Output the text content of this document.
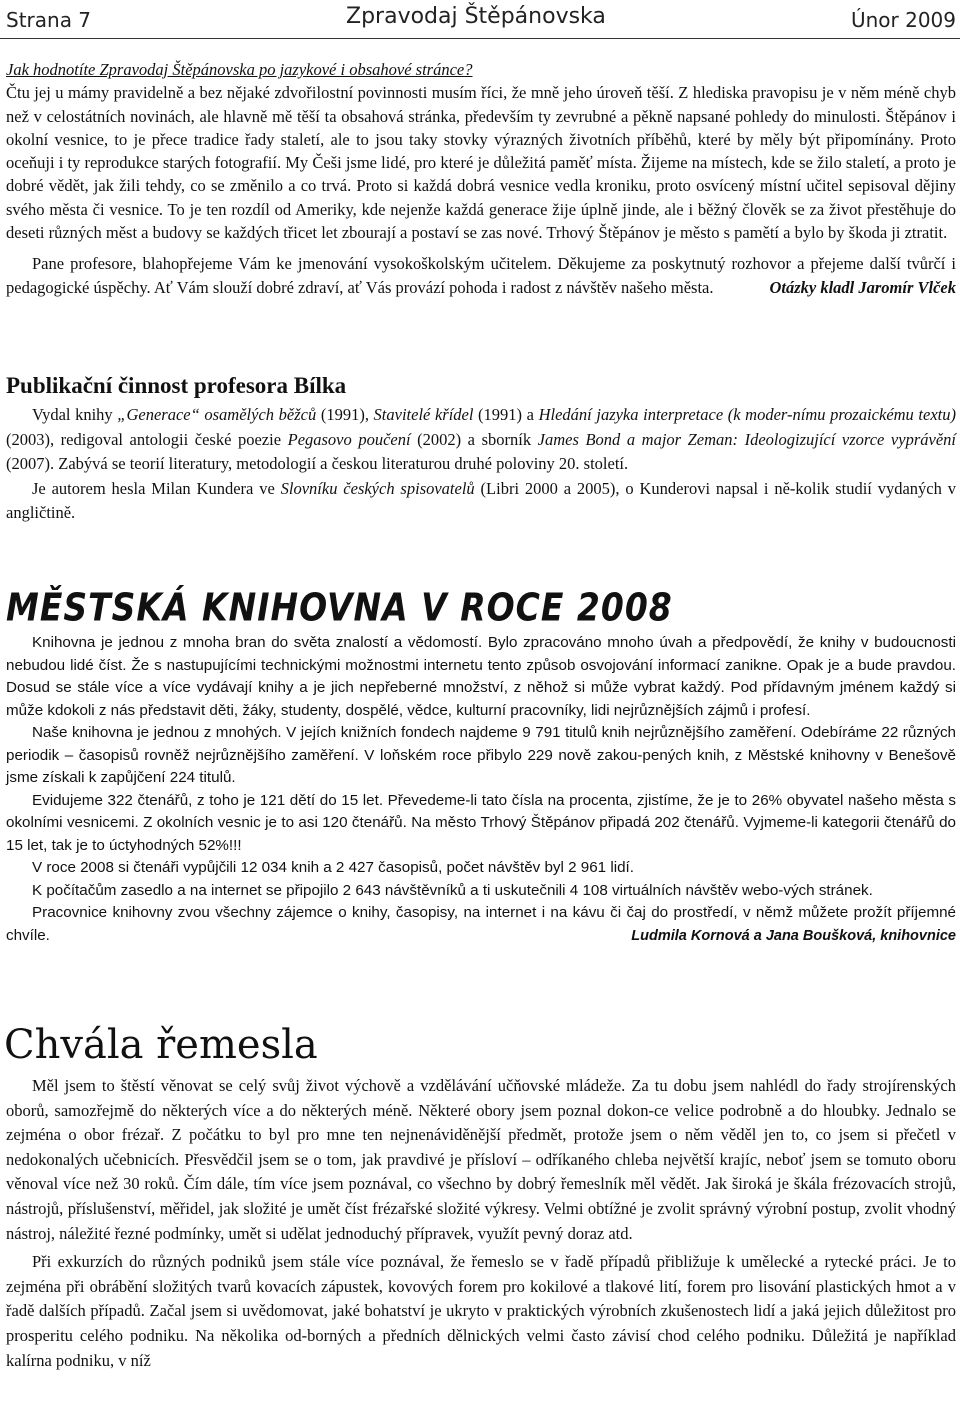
Strana 7	Zpravodaj Štěpánovska	Únor 2009

Jak hodnotíte Zpravodaj Štěpánovska po jazykové i obsahové stránce?

Čtu jej u mámy pravidelně a bez nějaké zdvořilostní povinnosti musím říci, že mně jeho úroveň těší. Z hlediska pravopisu je v něm méně chyb než v celostátních novinách, ale hlavně mě těší ta obsahová stránka, především ty zevrubné a pěkně napsané pohledy do minulosti. Štěpánov i okolní vesnice, to je přece tradice řady staletí, ale to jsou taky stovky výrazných životních příběhů, které by měly být připomínány. Proto oceňuji i ty reprodukce starých fotografií. My Češi jsme lidé, pro které je důležitá paměť místa. Žijeme na místech, kde se žilo staletí, a proto je dobré vědět, jak žili tehdy, co se změnilo a co trvá. Proto si každá dobrá vesnice vedla kroniku, proto osvícený místní učitel sepisoval dějiny svého města či vesnice. To je ten rozdíl od Ameriky, kde nejenže každá generace žije úplně jinde, ale i běžný člověk se za život přestěhuje do deseti různých měst a budovy se každých třicet let zbourají a postaví se zas nové. Trhový Štěpánov je město s pamětí a bylo by škoda ji ztratit.

Pane profesore, blahopřejeme Vám ke jmenování vysokoškolským učitelem. Děkujeme za poskytnutý rozhovor a přejeme další tvůrčí i pedagogické úspěchy. Ať Vám slouží dobré zdraví, ať Vás provází pohoda i radost z návštěv našeho města.	Otázky kladl Jaromír Vlček

Publikační činnost profesora Bílka

Vydal knihy „Generace“ osamělých běžců (1991), Stavitelé křídel (1991) a Hledání jazyka interpretace (k moder-nímu prozaickému textu) (2003), redigoval antologii české poezie Pegasovo poučení (2002) a sborník James Bond a major Zeman: Ideologizující vzorce vyprávění (2007). Zabývá se teorií literatury, metodologií a českou literaturou druhé poloviny 20. století.

Je autorem hesla Milan Kundera ve Slovníku českých spisovatelů (Libri 2000 a 2005), o Kunderovi napsal i ně-kolik studií vydaných v angličtině.

MĚSTSKÁ KNIHOVNA V ROCE 2008

Knihovna je jednou z mnoha bran do světa znalostí a vědomostí. Bylo zpracováno mnoho úvah a předpovědí, že knihy v budoucnosti nebudou lidé číst. Že s nastupujícími technickými možnostmi internetu tento způsob osvojování informací zanikne. Opak je a bude pravdou. Dosud se stále více a více vydávají knihy a je jich nepřeberné množství, z něhož si může vybrat každý. Pod přídavným jménem každý si může kdokoli z nás představit děti, žáky, studenty, dospělé, vědce, kulturní pracovníky, lidi nejrůznějších zájmů i profesí.

Naše knihovna je jednou z mnohých. V jejích knižních fondech najdeme 9 791 titulů knih nejrůznějšího zaměření. Odebíráme 22 různých periodik – časopisů rovněž nejrůznějšího zaměření. V loňském roce přibylo 229 nově zakou-pených knih, z Městské knihovny v Benešově jsme získali k zapůjčení 224 titulů.

Evidujeme 322 čtenářů, z toho je 121 dětí do 15 let. Převedeme-li tato čísla na procenta, zjistíme, že je to 26% obyvatel našeho města s okolními vesnicemi. Z okolních vesnic je to asi 120 čtenářů. Na město Trhový Štěpánov připadá 202 čtenářů. Vyjmeme-li kategorii čtenářů do 15 let, tak je to úctyhodných 52%!!!

V roce 2008 si čtenáři vypůjčili 12 034 knih a 2 427 časopisů, počet návštěv byl 2 961 lidí.

K počítačům zasedlo a na internet se připojilo 2 643 návštěvníků a ti uskutečnili 4 108 virtuálních návštěv webo-vých stránek.

Pracovnice knihovny zvou všechny zájemce o knihy, časopisy, na internet i na kávu či čaj do prostředí, v němž můžete prožít příjemné chvíle.	Ludmila Kornová a Jana Boušková, knihovnice

Chvála řemesla

Měl jsem to štěstí věnovat se celý svůj život výchově a vzdělávání učňovské mládeže. Za tu dobu jsem nahlédl do řady strojírenských oborů, samozřejmě do některých více a do některých méně. Některé obory jsem poznal dokon-ce velice podrobně a do hloubky. Jednalo se zejména o obor frézař. Z počátku to byl pro mne ten nejnenáviděnější předmět, protože jsem o něm věděl jen to, co jsem si přečetl v nedokonalých učebnicích. Přesvědčil jsem se o tom, jak pravdivé je přísloví – odříkaného chleba největší krajíc, neboť jsem se tomuto oboru věnoval více než 30 roků. Čím dále, tím více jsem poznával, co všechno by dobrý řemeslník měl vědět. Jak široká je škála frézovacích strojů, nástrojů, příslušenství, měřidel, jak složité je umět číst frézařské složité výkresy. Velmi obtížné je zvolit správný výrobní postup, zvolit vhodný nástroj, náležité řezné podmínky, umět si udělat jednoduchý přípravek, využít pevný doraz atd.

Při exkurzích do různých podniků jsem stále více poznával, že řemeslo se v řadě případů přibližuje k umělecké a rytecké práci. Je to zejména při obrábění složitých tvarů kovacích zápustek, kovových forem pro kokilové a tlakové lití, forem pro lisování plastických hmot a v řadě dalších případů. Začal jsem si uvědomovat, jaké bohatství je ukryto v praktických výrobních zkušenostech lidí a jaká jejich důležitost pro prosperitu celého podniku. Na několika od-borných a předních dělnických velmi často závisí chod celého podniku. Důležitá je například kalírna podniku, v níž
